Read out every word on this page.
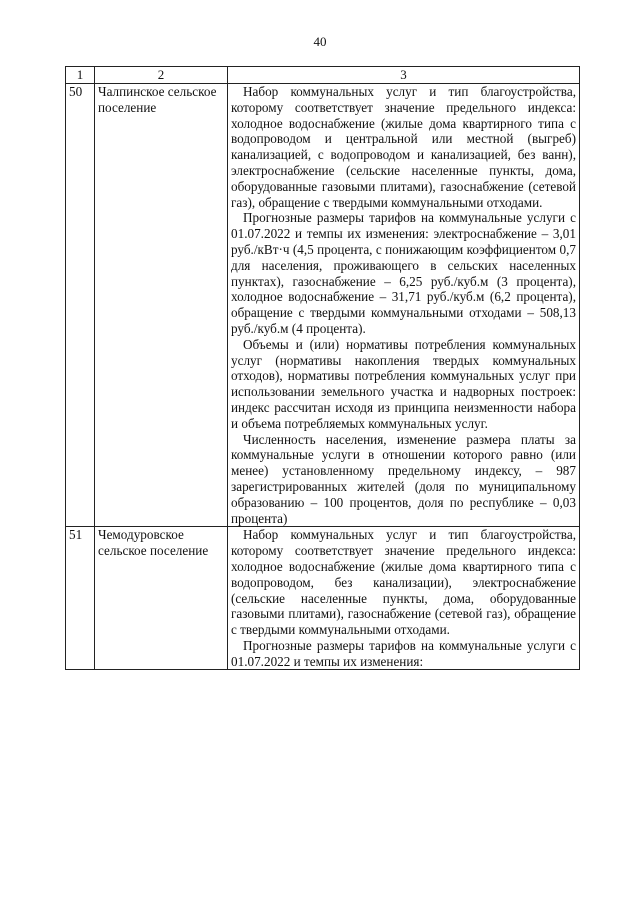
40
1	2	3
50	Чалпинское сельское поселение	Набор коммунальных услуг и тип благоустройства, которому соответствует значение предельного индекса: холодное водоснабжение (жилые дома квартирного типа с водопроводом и центральной или местной (выгреб) канализацией, с водопроводом и канализацией, без ванн), электроснабжение (сельские населенные пункты, дома, оборудованные газовыми плитами), газоснабжение (сетевой газ), обращение с твердыми коммунальными отходами.

Прогнозные размеры тарифов на коммунальные услуги с 01.07.2022 и темпы их изменения: электроснабжение – 3,01 руб./кВт·ч (4,5 процента, с понижающим коэффициентом 0,7 для населения, проживающего в сельских населенных пунктах), газоснабжение – 6,25 руб./куб.м (3 процента), холодное водоснабжение – 31,71 руб./куб.м (6,2 процента), обращение с твердыми коммунальными отходами – 508,13 руб./куб.м (4 процента).

Объемы и (или) нормативы потребления коммунальных услуг (нормативы накопления твердых коммунальных отходов), нормативы потребления коммунальных услуг при использовании земельного участка и надворных построек: индекс рассчитан исходя из принципа неизменности набора и объема потребляемых коммунальных услуг.

Численность населения, изменение размера платы за коммунальные услуги в отношении которого равно (или менее) установленному предельному индексу, – 987 зарегистрированных жителей (доля по муниципальному образованию – 100 процентов, доля по республике – 0,03 процента)

51	Чемодуровское сельское поселение	Набор коммунальных услуг и тип благоустройства, которому соответствует значение предельного индекса: холодное водоснабжение (жилые дома квартирного типа с водопроводом, без канализации), электроснабжение (сельские населенные пункты, дома, оборудованные газовыми плитами), газоснабжение (сетевой газ), обращение с твердыми коммунальными отходами.

Прогнозные размеры тарифов на коммунальные услуги с 01.07.2022 и темпы их изменения:
